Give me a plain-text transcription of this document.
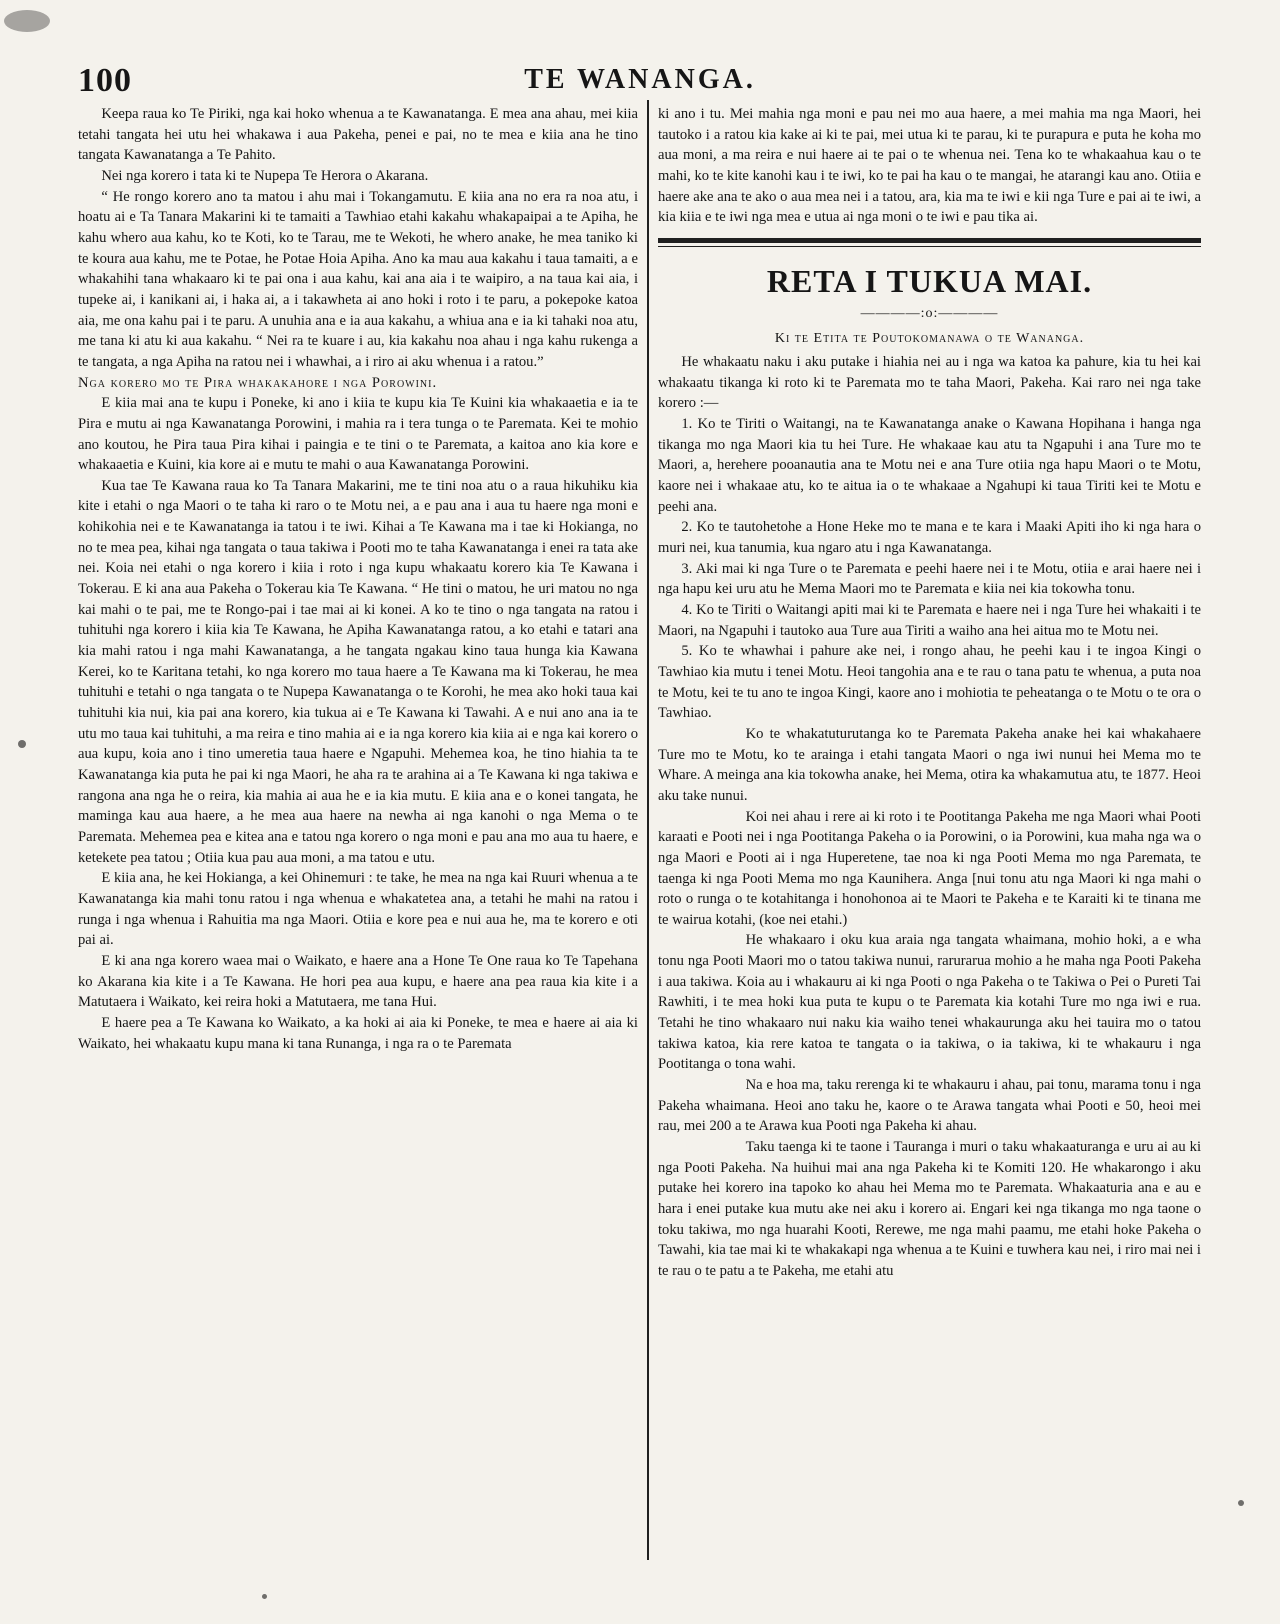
100	TE WANANGA.

Keepa raua ko Te Piriki, nga kai hoko whenua a te Kawanatanga. E mea ana ahau, mei kiia tetahi tangata hei utu hei whakawa i aua Pakeha, penei e pai, no te mea e kiia ana he tino tangata Kawanatanga a Te Pahito.

Nei nga korero i tata ki te Nupepa Te Herora o Akarana.

“ He rongo korero ano ta matou i ahu mai i Tokangamutu. E kiia ana no era ra noa atu, i hoatu ai e Ta Tanara Makarini ki te tamaiti a Tawhiao etahi kakahu whakapaipai a te Apiha, he kahu whero aua kahu, ko te Koti, ko te Tarau, me te Wekoti, he whero anake, he mea taniko ki te koura aua kahu, me te Potae, he Potae Hoia Apiha. Ano ka mau aua kakahu i taua tamaiti, a e whakahihi tana whakaaro ki te pai ona i aua kahu, kai ana aia i te waipiro, a na taua kai aia, i tupeke ai, i kanikani ai, i haka ai, a i takawheta ai ano hoki i roto i te paru, a pokepoke katoa aia, me ona kahu pai i te paru. A unuhia ana e ia aua kakahu, a whiua ana e ia ki tahaki noa atu, me tana ki atu ki aua kakahu. “ Nei ra te kuare i au, kia kakahu noa ahau i nga kahu rukenga a te tangata, a nga Apiha na ratou nei i whawhai, a i riro ai aku whenua i a ratou.”

Nga korero mo te Pira whakakahore i nga Porowini.

E kiia mai ana te kupu i Poneke, ki ano i kiia te kupu kia Te Kuini kia whakaaetia e ia te Pira e mutu ai nga Kawanatanga Porowini, i mahia ra i tera tunga o te Paremata. Kei te mohio ano koutou, he Pira taua Pira kihai i paingia e te tini o te Paremata, a kaitoa ano kia kore e whakaaetia e Kuini, kia kore ai e mutu te mahi o aua Kawanatanga Porowini.

Kua tae Te Kawana raua ko Ta Tanara Makarini, me te tini noa atu o a raua hikuhiku kia kite i etahi o nga Maori o te taha ki raro o te Motu nei, a e pau ana i aua tu haere nga moni e kohikohia nei e te Kawanatanga ia tatou i te iwi. Kihai a Te Kawana ma i tae ki Hokianga, no no te mea pea, kihai nga tangata o taua takiwa i Pooti mo te taha Kawanatanga i enei ra tata ake nei. Koia nei etahi o nga korero i kiia i roto i nga kupu whakaatu korero kia Te Kawana i Tokerau. E ki ana aua Pakeha o Tokerau kia Te Kawana. “ He tini o matou, he uri matou no nga kai mahi o te pai, me te Rongo-pai i tae mai ai ki konei. A ko te tino o nga tangata na ratou i tuhituhi nga korero i kiia kia Te Kawana, he Apiha Kawanatanga ratou, a ko etahi e tatari ana kia mahi ratou i nga mahi Kawanatanga, a he tangata ngakau kino taua hunga kia Kawana Kerei, ko te Karitana tetahi, ko nga korero mo taua haere a Te Kawana ma ki Tokerau, he mea tuhituhi e tetahi o nga tangata o te Nupepa Kawanatanga o te Korohi, he mea ako hoki taua kai tuhituhi kia nui, kia pai ana korero, kia tukua ai e Te Kawana ki Tawahi. A e nui ano ana ia te utu mo taua kai tuhituhi, a ma reira e tino mahia ai e ia nga korero kia kiia ai e nga kai korero o aua kupu, koia ano i tino umeretia taua haere e Ngapuhi. Mehemea koa, he tino hiahia ta te Kawanatanga kia puta he pai ki nga Maori, he aha ra te arahina ai a Te Kawana ki nga takiwa e rangona ana nga he o reira, kia mahia ai aua he e ia kia mutu. E kiia ana e o konei tangata, he maminga kau aua haere, a he mea aua haere na newha ai nga kanohi o nga Mema o te Paremata. Mehemea pea e kitea ana e tatou nga korero o nga moni e pau ana mo aua tu haere, e ketekete pea tatou ; Otiia kua pau aua moni, a ma tatou e utu.

E kiia ana, he kei Hokianga, a kei Ohinemuri : te take, he mea na nga kai Ruuri whenua a te Kawanatanga kia mahi tonu ratou i nga whenua e whakatetea ana, a tetahi he mahi na ratou i runga i nga whenua i Rahuitia ma nga Maori. Otiia e kore pea e nui aua he, ma te korero e oti pai ai.

E ki ana nga korero waea mai o Waikato, e haere ana a Hone Te One raua ko Te Tapehana ko Akarana kia kite i a Te Kawana. He hori pea aua kupu, e haere ana pea raua kia kite i a Matutaera i Waikato, kei reira hoki a Matutaera, me tana Hui.

E haere pea a Te Kawana ko Waikato, a ka hoki ai aia ki Poneke, te mea e haere ai aia ki Waikato, hei whakaatu kupu mana ki tana Runanga, i nga ra o te Paremata

ki ano i tu. Mei mahia nga moni e pau nei mo aua haere, a mei mahia ma nga Maori, hei tautoko i a ratou kia kake ai ki te pai, mei utua ki te parau, ki te purapura e puta he koha mo aua moni, a ma reira e nui haere ai te pai o te whenua nei. Tena ko te whakaahua kau o te mahi, ko te kite kanohi kau i te iwi, ko te pai ha kau o te mangai, he atarangi kau ano. Otiia e haere ake ana te ako o aua mea nei i a tatou, ara, kia ma te iwi e kii nga Ture e pai ai te iwi, a kia kiia e te iwi nga mea e utua ai nga moni o te iwi e pau tika ai.

RETA I TUKUA MAI.
————:o:————
Ki te Etita te Poutokomanawa o te Wananga.

He whakaatu naku i aku putake i hiahia nei au i nga wa katoa ka pahure, kia tu hei kai whakaatu tikanga ki roto ki te Paremata mo te taha Maori, Pakeha. Kai raro nei nga take korero :—

1. Ko te Tiriti o Waitangi, na te Kawanatanga anake o Kawana Hopihana i hanga nga tikanga mo nga Maori kia tu hei Ture. He whakaae kau atu ta Ngapuhi i ana Ture mo te Maori, a, herehere pooanautia ana te Motu nei e ana Ture otiia nga hapu Maori o te Motu, kaore nei i whakaae atu, ko te aitua ia o te whakaae a Ngahupi ki taua Tiriti kei te Motu e peehi ana.

2. Ko te tautohetohe a Hone Heke mo te mana e te kara i Maaki Apiti iho ki nga hara o muri nei, kua tanumia, kua ngaro atu i nga Kawanatanga.

3. Aki mai ki nga Ture o te Paremata e peehi haere nei i te Motu, otiia e arai haere nei i nga hapu kei uru atu he Mema Maori mo te Paremata e kiia nei kia tokowha tonu.

4. Ko te Tiriti o Waitangi apiti mai ki te Paremata e haere nei i nga Ture hei whakaiti i te Maori, na Ngapuhi i tautoko aua Ture aua Tiriti a waiho ana hei aitua mo te Motu nei.

5. Ko te whawhai i pahure ake nei, i rongo ahau, he peehi kau i te ingoa Kingi o Tawhiao kia mutu i tenei Motu. Heoi tangohia ana e te rau o tana patu te whenua, a puta noa te Motu, kei te tu ano te ingoa Kingi, kaore ano i mohiotia te peheatanga o te Motu o te ora o Tawhiao.

Ko te whakatuturutanga ko te Paremata Pakeha anake hei kai whakahaere Ture mo te Motu, ko te arainga i etahi tangata Maori o nga iwi nunui hei Mema mo te Whare. A meinga ana kia tokowha anake, hei Mema, otira ka whakamutua atu, te 1877. Heoi aku take nunui.

Koi nei ahau i rere ai ki roto i te Pootitanga Pakeha me nga Maori whai Pooti karaati e Pooti nei i nga Pootitanga Pakeha o ia Porowini, o ia Porowini, kua maha nga wa o nga Maori e Pooti ai i nga Huperetene, tae noa ki nga Pooti Mema mo nga Paremata, te taenga ki nga Pooti Mema mo nga Kaunihera. Anga [nui tonu atu nga Maori ki nga mahi o roto o runga o te kotahitanga i honohonoa ai te Maori te Pakeha e te Karaiti ki te tinana me te wairua kotahi, (koe nei etahi.)

He whakaaro i oku kua araia nga tangata whaimana, mohio hoki, a e wha tonu nga Pooti Maori mo o tatou takiwa nunui, rarurarua mohio a he maha nga Pooti Pakeha i aua takiwa. Koia au i whakauru ai ki nga Pooti o nga Pakeha o te Takiwa o Pei o Pureti Tai Rawhiti, i te mea hoki kua puta te kupu o te Paremata kia kotahi Ture mo nga iwi e rua. Tetahi he tino whakaaro nui naku kia waiho tenei whakaurunga aku hei tauira mo o tatou takiwa katoa, kia rere katoa te tangata o ia takiwa, o ia takiwa, ki te whakauru i nga Pootitanga o tona wahi.

Na e hoa ma, taku rerenga ki te whakauru i ahau, pai tonu, marama tonu i nga Pakeha whaimana. Heoi ano taku he, kaore o te Arawa tangata whai Pooti e 50, heoi mei rau, mei 200 a te Arawa kua Pooti nga Pakeha ki ahau.

Taku taenga ki te taone i Tauranga i muri o taku whakaaturanga e uru ai au ki nga Pooti Pakeha. Na huihui mai ana nga Pakeha ki te Komiti 120. He whakarongo i aku putake hei korero ina tapoko ko ahau hei Mema mo te Paremata. Whakaaturia ana e au e hara i enei putake kua mutu ake nei aku i korero ai. Engari kei nga tikanga mo nga taone o toku takiwa, mo nga huarahi Kooti, Rerewe, me nga mahi paamu, me etahi hoke Pakeha o Tawahi, kia tae mai ki te whakakapi nga whenua a te Kuini e tuwhera kau nei, i riro mai nei i te rau o te patu a te Pakeha, me etahi atu
